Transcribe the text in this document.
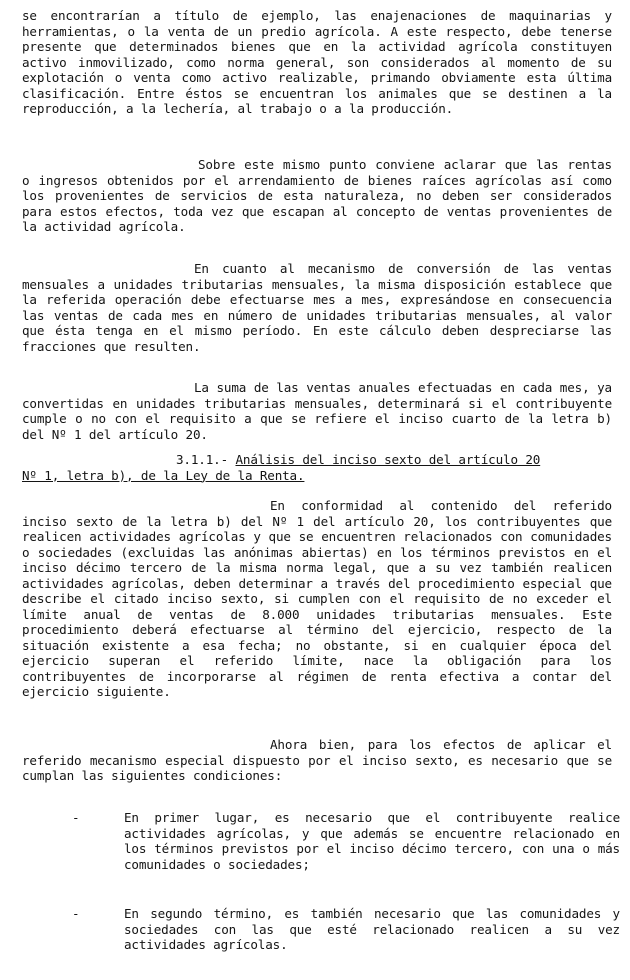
se encontrarían a título de ejemplo, las enajenaciones de maquinarias y herramientas, o la venta de un predio agrícola. A este respecto, debe tenerse presente que determinados bienes que en la actividad agrícola constituyen activo inmovilizado, como norma general, son considerados al momento de su explotación o venta como activo realizable, primando obviamente esta última clasificación. Entre éstos se encuentran los animales que se destinen a la reproducción, a la lechería, al trabajo o a la producción.

Sobre este mismo punto conviene aclarar que las rentas o ingresos obtenidos por el arrendamiento de bienes raíces agrícolas así como los provenientes de servicios de esta naturaleza, no deben ser considerados para estos efectos, toda vez que escapan al concepto de ventas provenientes de la actividad agrícola.

En cuanto al mecanismo de conversión de las ventas mensuales a unidades tributarias mensuales, la misma disposición establece que la referida operación debe efectuarse mes a mes, expresándose en consecuencia las ventas de cada mes en número de unidades tributarias mensuales, al valor que ésta tenga en el mismo período. En este cálculo deben despreciarse las fracciones que resulten.

La suma de las ventas anuales efectuadas en cada mes, ya convertidas en unidades tributarias mensuales, determinará si el contribuyente cumple o no con el requisito a que se refiere el inciso cuarto de la letra b) del Nº 1 del artículo 20.

3.1.1.- Análisis del inciso sexto del artículo 20
Nº 1, letra b), de la Ley de la Renta.

En conformidad al contenido del referido inciso sexto de la letra b) del Nº 1 del artículo 20, los contribuyentes que realicen actividades agrícolas y que se encuentren relacionados con comunidades o sociedades (excluidas las anónimas abiertas) en los términos previstos en el inciso décimo tercero de la misma norma legal, que a su vez también realicen actividades agrícolas, deben determinar a través del procedimiento especial que describe el citado inciso sexto, si cumplen con el requisito de no exceder el límite anual de ventas de 8.000 unidades tributarias mensuales. Este procedimiento deberá efectuarse al término del ejercicio, respecto de la situación existente a esa fecha; no obstante, si en cualquier época del ejercicio superan el referido límite, nace la obligación para los contribuyentes de incorporarse al régimen de renta efectiva a contar del ejercicio siguiente.

Ahora bien, para los efectos de aplicar el referido mecanismo especial dispuesto por el inciso sexto, es necesario que se cumplan las siguientes condiciones:

-	En primer lugar, es necesario que el contribuyente realice actividades agrícolas, y que además se encuentre relacionado en los términos previstos por el inciso décimo tercero, con una o más comunidades o sociedades;

-	En segundo término, es también necesario que las comunidades y sociedades con las que esté relacionado realicen a su vez actividades agrícolas.
